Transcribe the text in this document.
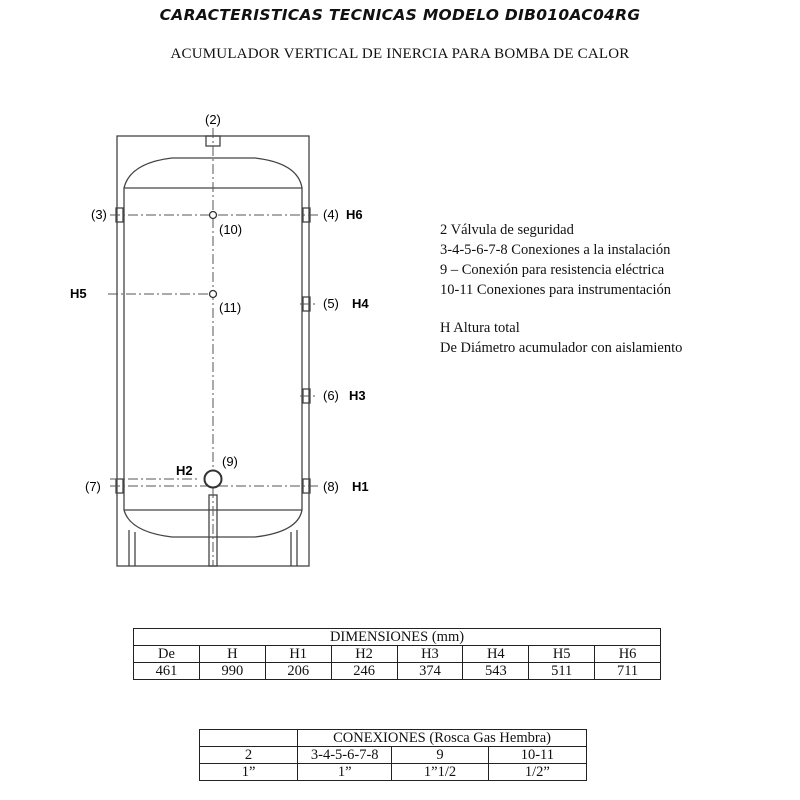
CARACTERISTICAS TECNICAS MODELO DIB010AC04RG
ACUMULADOR VERTICAL DE INERCIA PARA BOMBA DE CALOR
(2)
(3)	(4) H6
(10)
H5
(11)	(5) H4
(6) H3
H2
(9)
(7)	(8) H1
2 Válvula de seguridad
3-4-5-6-7-8 Conexiones a la instalación
9 – Conexión para resistencia eléctrica
10-11 Conexiones para instrumentación
H Altura total
De Diámetro acumulador con aislamiento
DIMENSIONES (mm)							
De	H	H1	H2	H3	H4	H5	H6
461	990	206	246	374	543	511	711
	CONEXIONES (Rosca Gas Hembra)		
2	3-4-5-6-7-8	9	10-11
1”	1”	1”1/2	1/2”
